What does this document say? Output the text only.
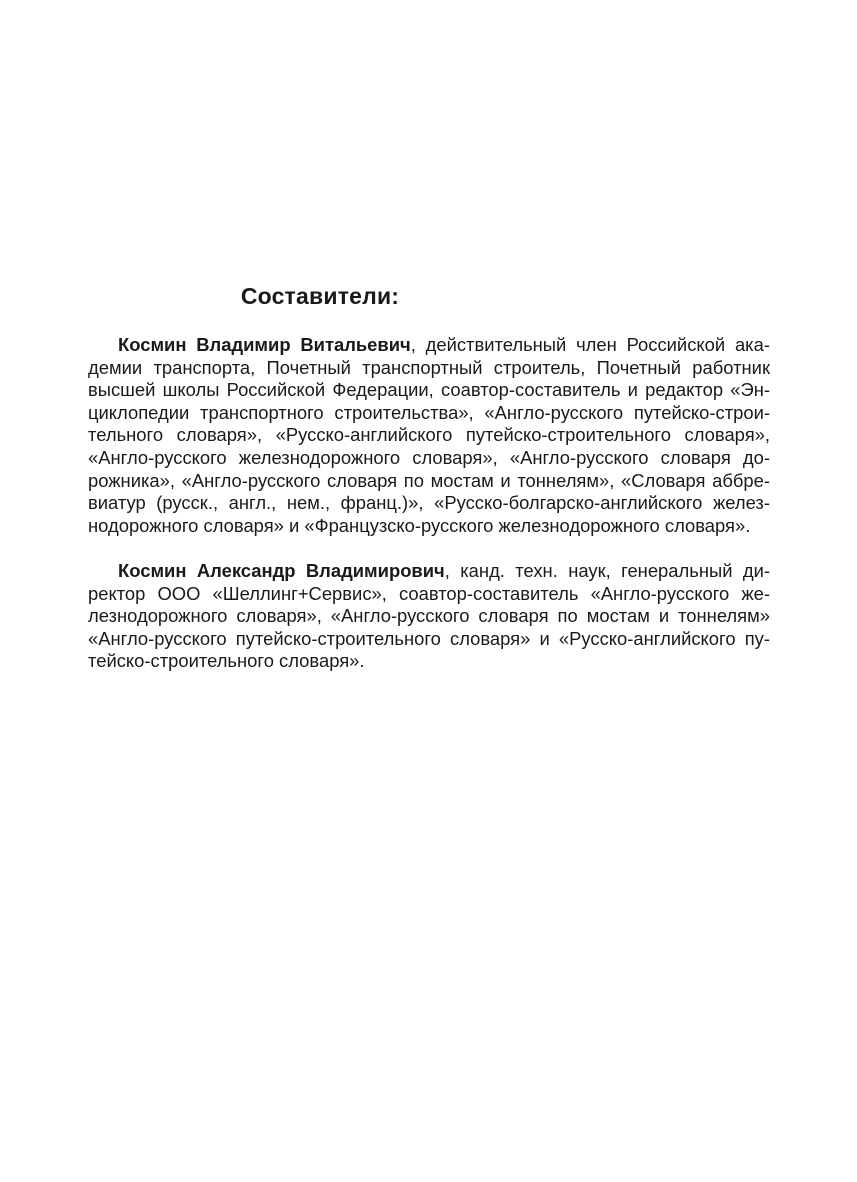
Составители:
Космин Владимир Витальевич, действительный член Российской ака-
демии транспорта, Почетный транспортный строитель, Почетный работник
высшей школы Российской Федерации, соавтор-составитель и редактор «Эн-
циклопедии транспортного строительства», «Англо-русского путейско-строи-
тельного словаря», «Русско-английского путейско-строительного словаря»,
«Англо-русского железнодорожного словаря», «Англо-русского словаря до-
рожника», «Англо-русского словаря по мостам и тоннелям», «Словаря аббре-
виатур (русск., англ., нем., франц.)», «Русско-болгарско-английского желез-
нодорожного словаря» и «Французско-русского железнодорожного словаря».
Космин Александр Владимирович, канд. техн. наук, генеральный ди-
ректор ООО «Шеллинг+Сервис», соавтор-составитель «Англо-русского же-
лезнодорожного словаря», «Англо-русского словаря по мостам и тоннелям»
«Англо-русского путейско-строительного словаря» и «Русско-английского пу-
тейско-строительного словаря».
